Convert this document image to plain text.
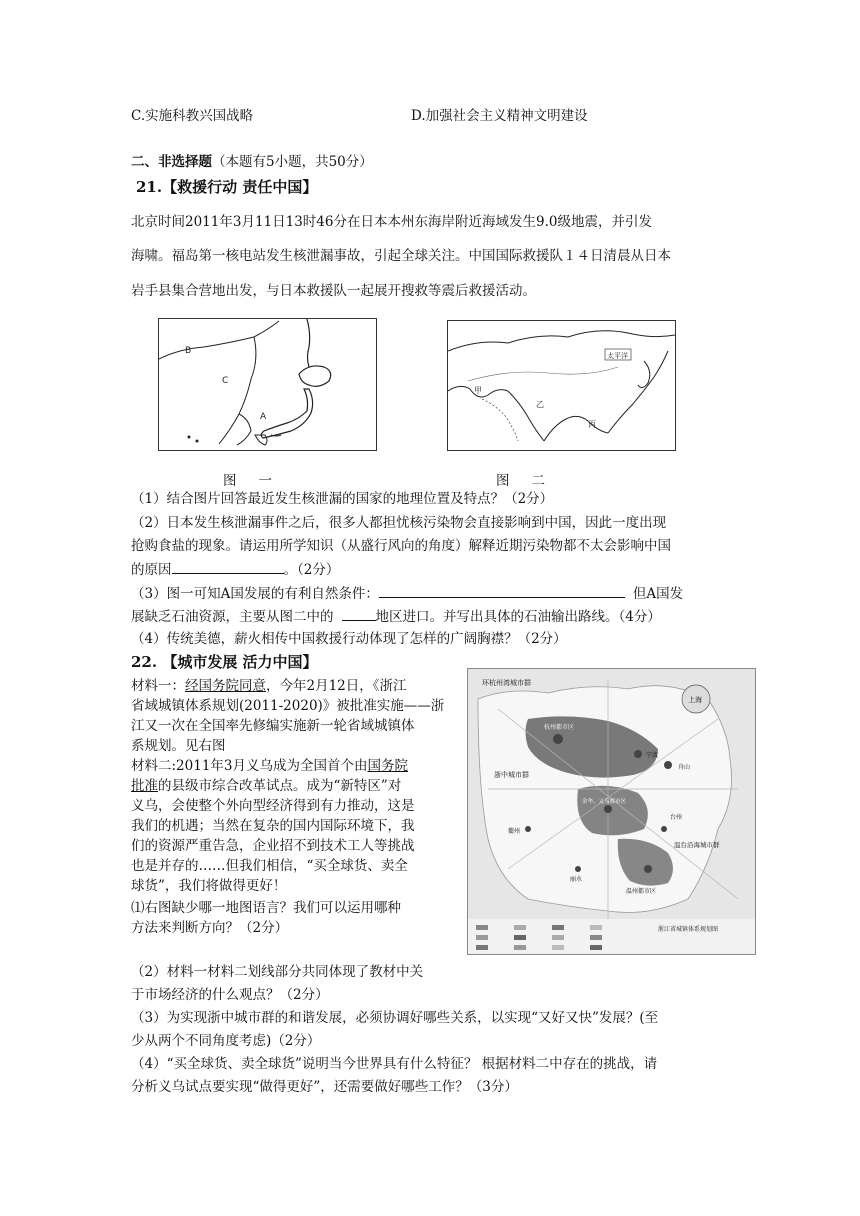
C.实施科教兴国战略	D.加强社会主义精神文明建设
二、非选择题（本题有5小题，共50分）
21.【救援行动 责任中国】
北京时间2011年3月11日13时46分在日本本州东海岸附近海域发生9.0级地震，并引发
海啸。福岛第一核电站发生核泄漏事故，引起全球关注。中国国际救援队１４日清晨从日本
岩手县集合营地出发，与日本救援队一起展开搜救等震后救援活动。
B
C
A
太平洋
甲
乙
丙
图一	图二
（1）结合图片回答最近发生核泄漏的国家的地理位置及特点？（2分）
（2）日本发生核泄漏事件之后，很多人都担忧核污染物会直接影响到中国，因此一度出现
抢购食盐的现象。请运用所学知识（从盛行风向的角度）解释近期污染物都不太会影响中国
的原因	。（2分）
（3）图一可知A国发展的有利自然条件：	但A国发
展缺乏石油资源，主要从图二中的	地区进口。并写出具体的石油输出路线。（4分）
（4）传统美德，薪火相传中国救援行动体现了怎样的广阔胸襟？（2分）
22. 【城市发展 活力中国】
材料一：经国务院同意，今年2月12日，《浙江
省域城镇体系规划(2011-2020)》被批准实施——浙
江又一次在全国率先修编实施新一轮省域城镇体
系规划。见右图
材料二:2011年3月义乌成为全国首个由国务院
批准的县级市综合改革试点。成为“新特区”对
义乌，会使整个外向型经济得到有力推动，这是
我们的机遇；当然在复杂的国内国际环境下，我
们的资源严重告急，企业招不到技术工人等挑战
也是并存的……但我们相信，“买全球货、卖全
球货”，我们将做得更好！
⑴右图缺少哪一地图语言？我们可以运用哪种
方法来判断方向？（2分）
上海
环杭州湾城市群
杭州都市区
宁波
舟山
浙中城市群
金华、义乌都市区
温台沿海城市群
温州都市区
台州
衢州
丽水
浙江省城镇体系规划图
（2）材料一材料二划线部分共同体现了教材中关
于市场经济的什么观点？（2分）
（3）为实现浙中城市群的和谐发展，必须协调好哪些关系，以实现“又好又快”发展？(至
少从两个不同角度考虑)（2分）
（4）“买全球货、卖全球货”说明当今世界具有什么特征？ 根据材料二中存在的挑战，请
分析义乌试点要实现“做得更好”，还需要做好哪些工作？（3分）
